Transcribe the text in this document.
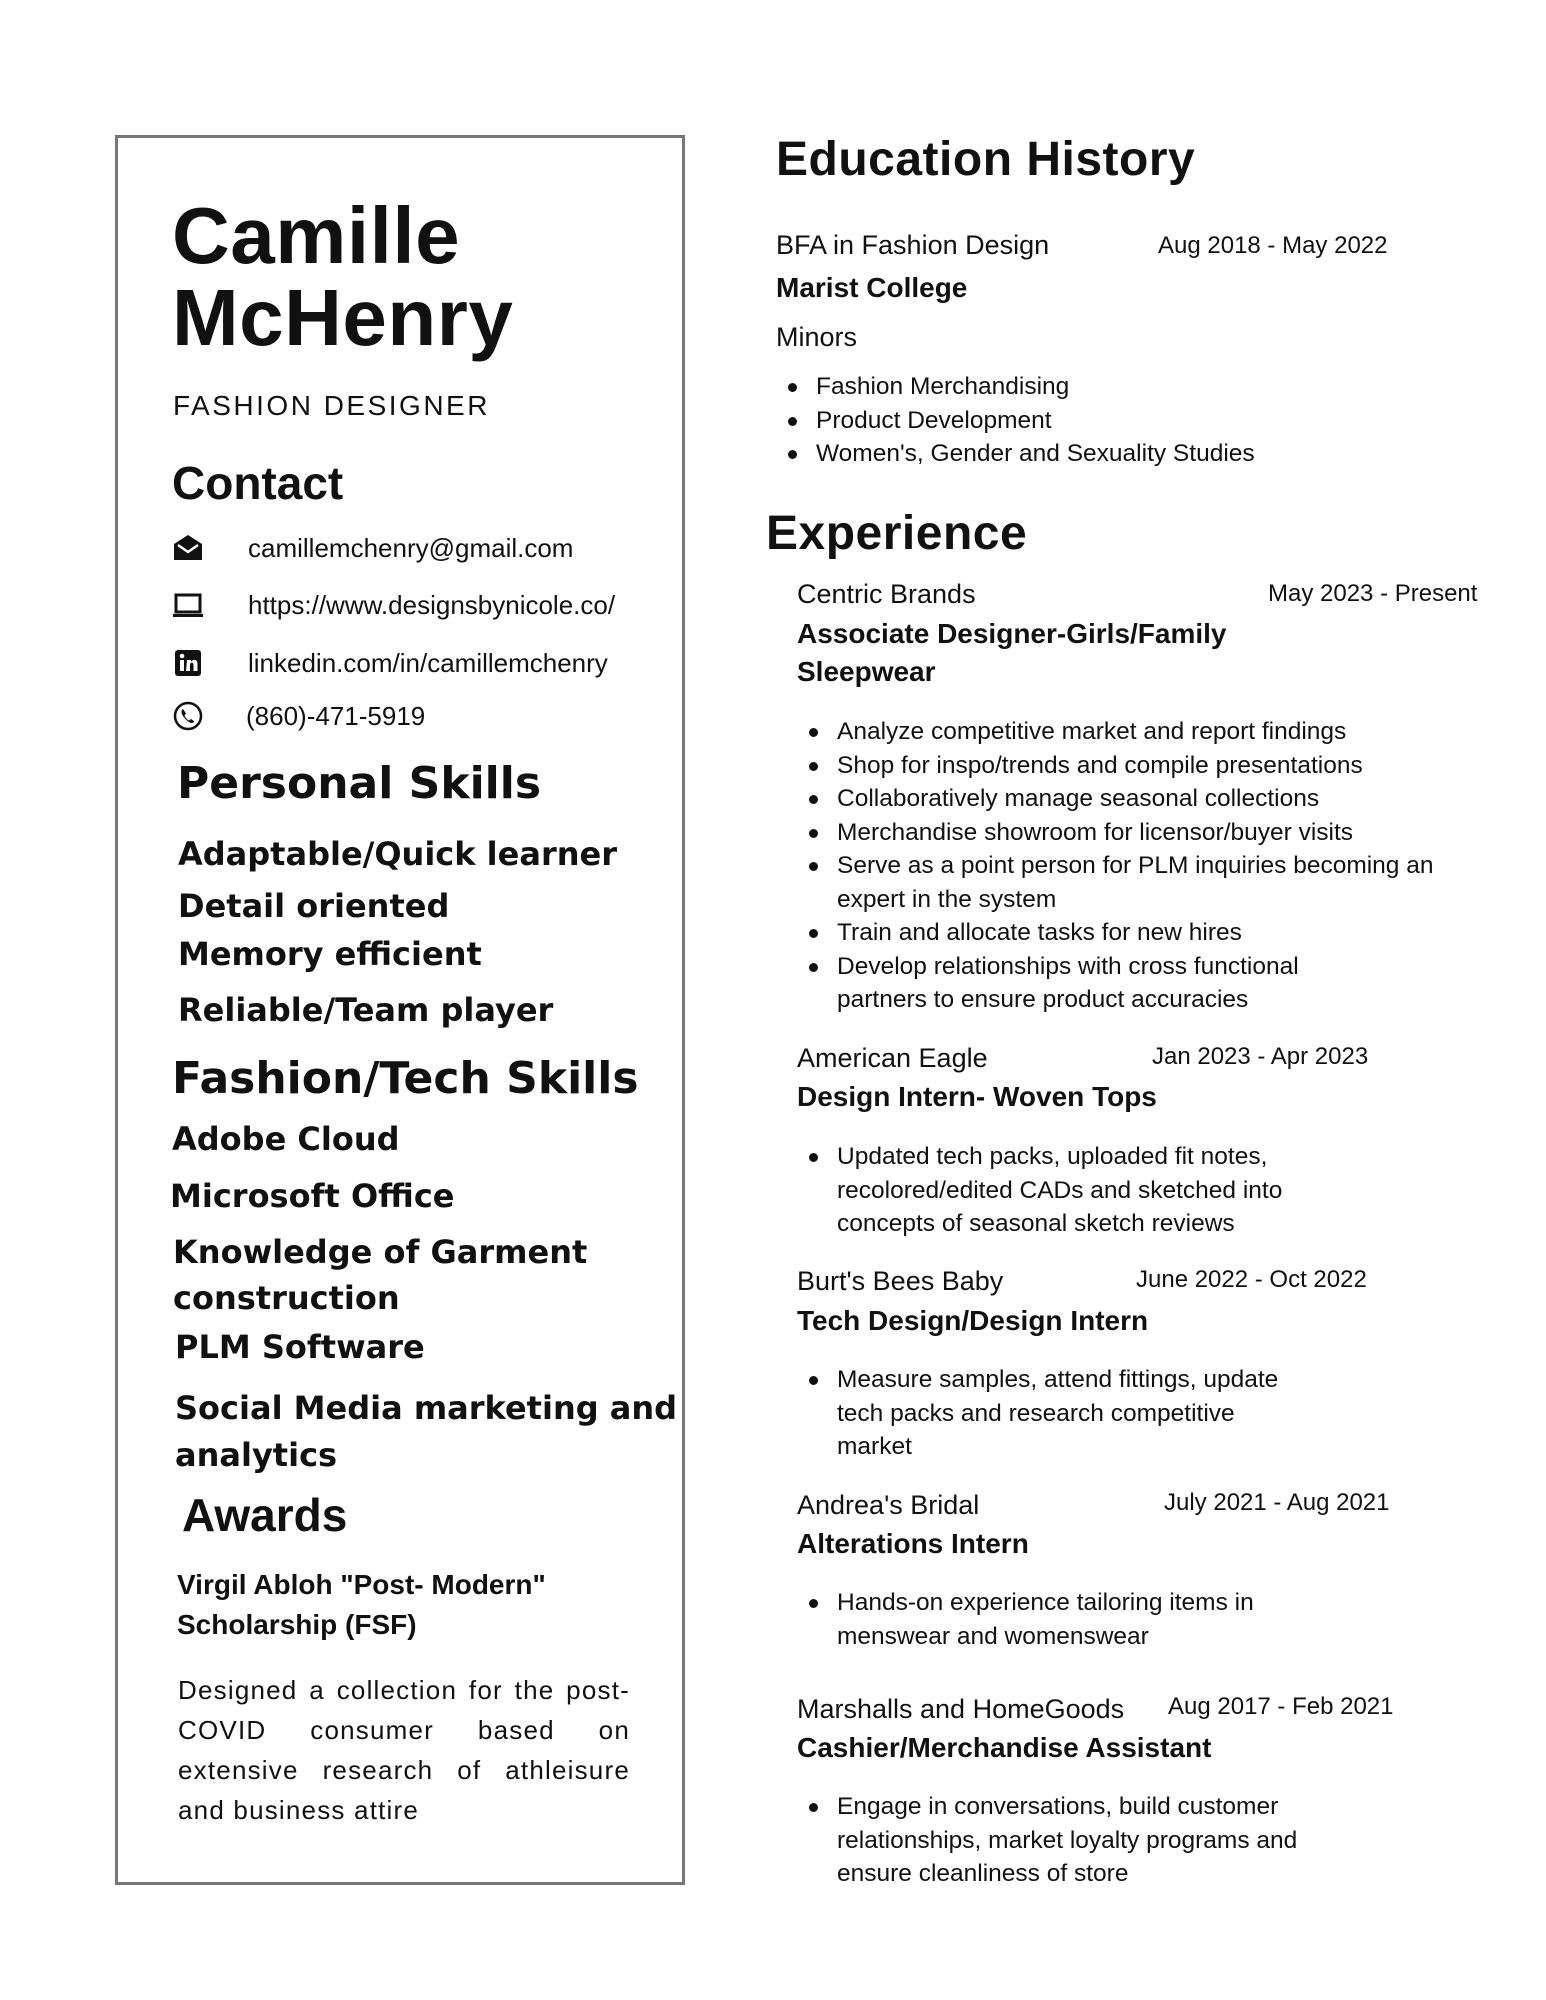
Camille
McHenry
FASHION DESIGNER
Contact
camillemchenry@gmail.com
https://www.designsbynicole.co/
linkedin.com/in/camillemchenry
(860)-471-5919
Personal Skills
Adaptable/Quick learner
Detail oriented
Memory efficient
Reliable/Team player
Fashion/Tech Skills
Adobe Cloud
Microsoft Office
Knowledge of Garment
construction
PLM Software
Social Media marketing and
analytics
Awards
Virgil Abloh "Post- Modern" Scholarship (FSF)
Designed a collection for the post-COVID consumer based on extensive research of athleisure and business attire
Education History
BFA in Fashion Design	Aug 2018 - May 2022
Marist College
Minors
Fashion Merchandising
Product Development
Women's, Gender and Sexuality Studies
Experience
Centric Brands	May 2023 - Present
Associate Designer-Girls/Family
Sleepwear
Analyze competitive market and report findings
Shop for inspo/trends and compile presentations
Collaboratively manage seasonal collections
Merchandise showroom for licensor/buyer visits
Serve as a point person for PLM inquiries becoming an expert in the system
Train and allocate tasks for new hires
Develop relationships with cross functional partners to ensure product accuracies
American Eagle	Jan 2023 - Apr 2023
Design Intern- Woven Tops
Updated tech packs, uploaded fit notes, recolored/edited CADs and sketched into concepts of seasonal sketch reviews
Burt's Bees Baby	June 2022 - Oct 2022
Tech Design/Design Intern
Measure samples, attend fittings, update tech packs and research competitive market
Andrea's Bridal	July 2021 - Aug 2021
Alterations Intern
Hands-on experience tailoring items in menswear and womenswear
Marshalls and HomeGoods Aug 2017 - Feb 2021
Cashier/Merchandise Assistant
Engage in conversations, build customer relationships, market loyalty programs and ensure cleanliness of store
